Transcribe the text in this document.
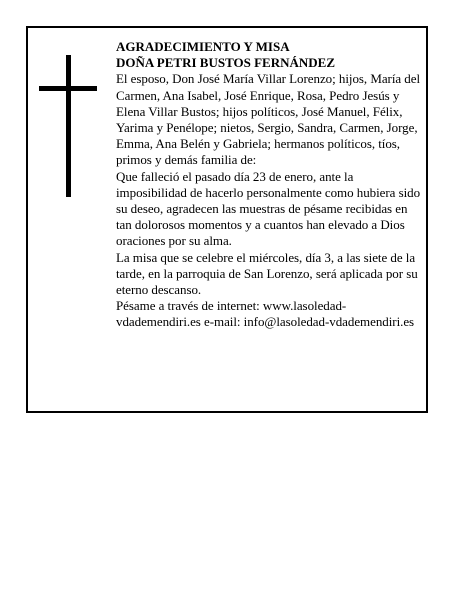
AGRADECIMIENTO Y MISA
DOÑA PETRI BUSTOS FERNÁNDEZ

El esposo, Don José María Villar Lorenzo; hijos, María del Carmen, Ana Isabel, José Enrique, Rosa, Pedro Jesús y Elena Villar Bustos; hijos políticos, José Manuel, Félix, Yarima y Penélope; nietos, Sergio, Sandra, Carmen, Jorge, Emma, Ana Belén y Gabriela; hermanos políticos, tíos, primos y demás familia de:

Que falleció el pasado día 23 de enero, ante la imposibilidad de hacerlo personalmente como hubiera sido su deseo, agradecen las muestras de pésame recibidas en tan dolorosos momentos y a cuantos han elevado a Dios oraciones por su alma.

La misa que se celebre el miércoles, día 3, a las siete de la tarde, en la parroquia de San Lorenzo, será aplicada por su eterno descanso.

Pésame a través de internet: www.lasoledad-vdademendiri.es e-mail: info@lasoledad-vdademendiri.es
